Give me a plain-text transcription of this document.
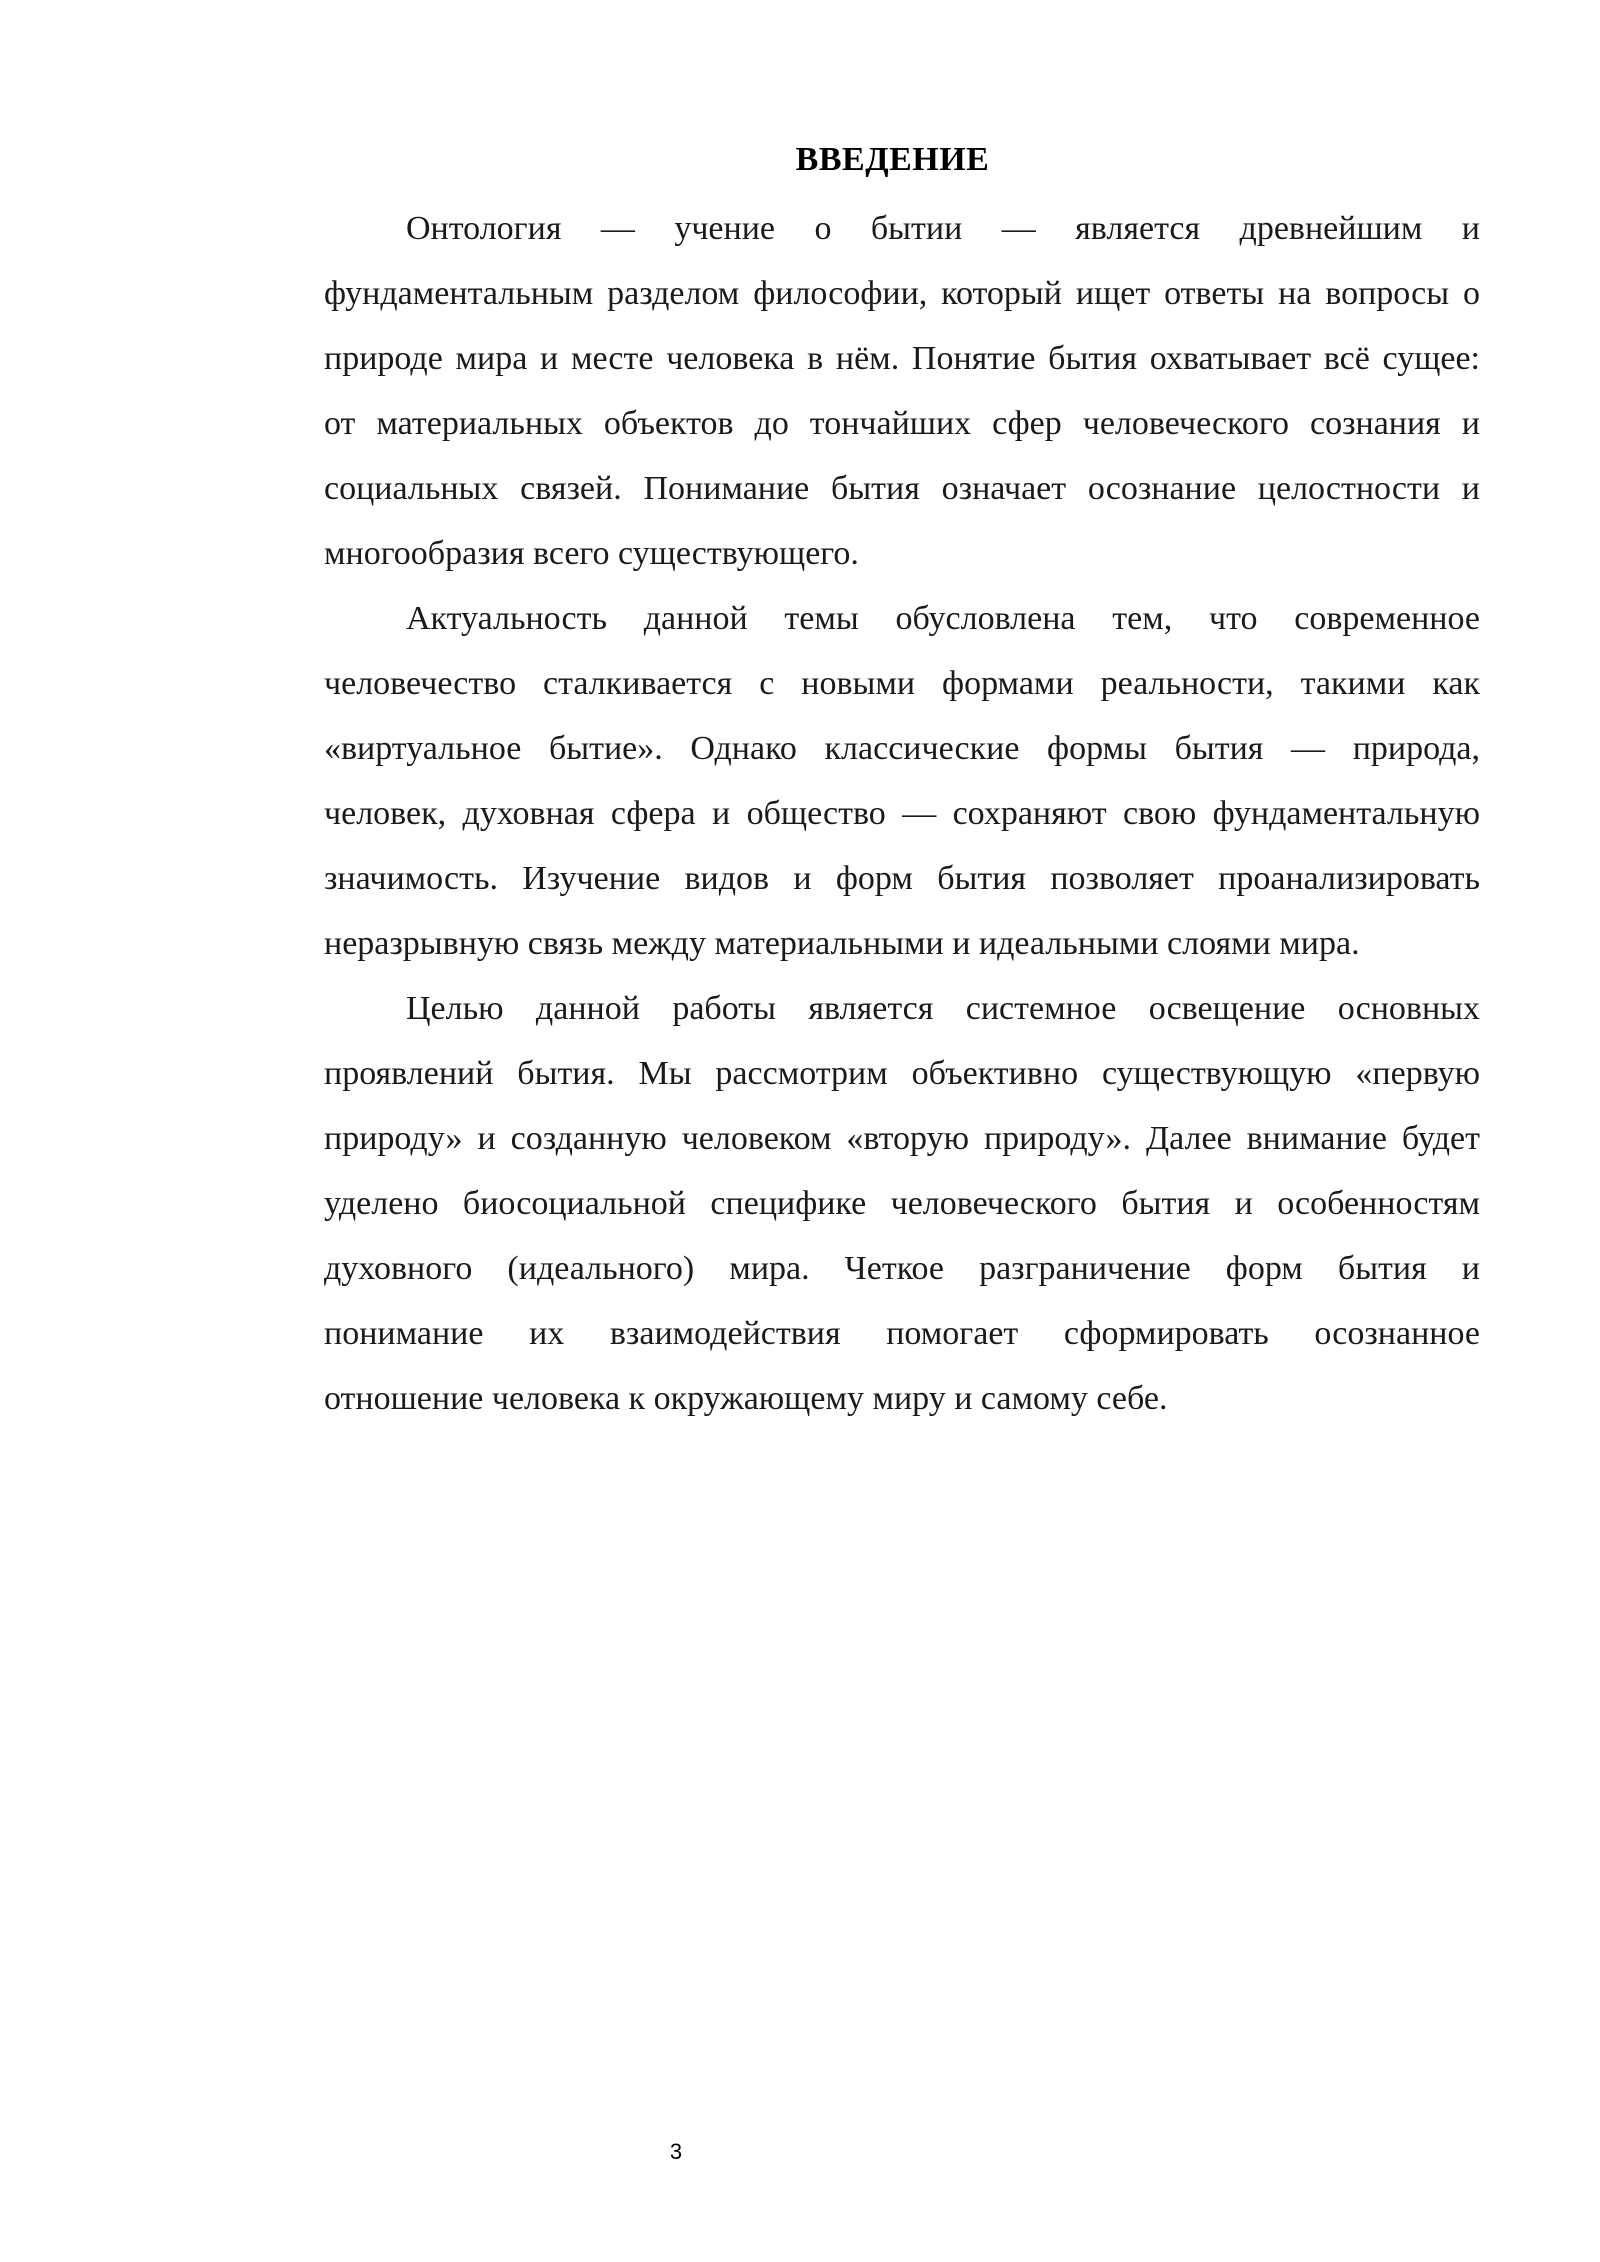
ВВЕДЕНИЕ
Онтология — учение о бытии — является древнейшим и
фундаментальным разделом философии, который ищет ответы на вопросы о
природе мира и месте человека в нём. Понятие бытия охватывает всё сущее:
от материальных объектов до тончайших сфер человеческого сознания и
социальных связей. Понимание бытия означает осознание целостности и
многообразия всего существующего.
Актуальность данной темы обусловлена тем, что современное
человечество сталкивается с новыми формами реальности, такими как
«виртуальное бытие». Однако классические формы бытия — природа,
человек, духовная сфера и общество — сохраняют свою фундаментальную
значимость. Изучение видов и форм бытия позволяет проанализировать
неразрывную связь между материальными и идеальными слоями мира.
Целью данной работы является системное освещение основных
проявлений бытия. Мы рассмотрим объективно существующую «первую
природу» и созданную человеком «вторую природу». Далее внимание будет
уделено биосоциальной специфике человеческого бытия и особенностям
духовного (идеального) мира. Четкое разграничение форм бытия и
понимание их взаимодействия помогает сформировать осознанное
отношение человека к окружающему миру и самому себе.
3
